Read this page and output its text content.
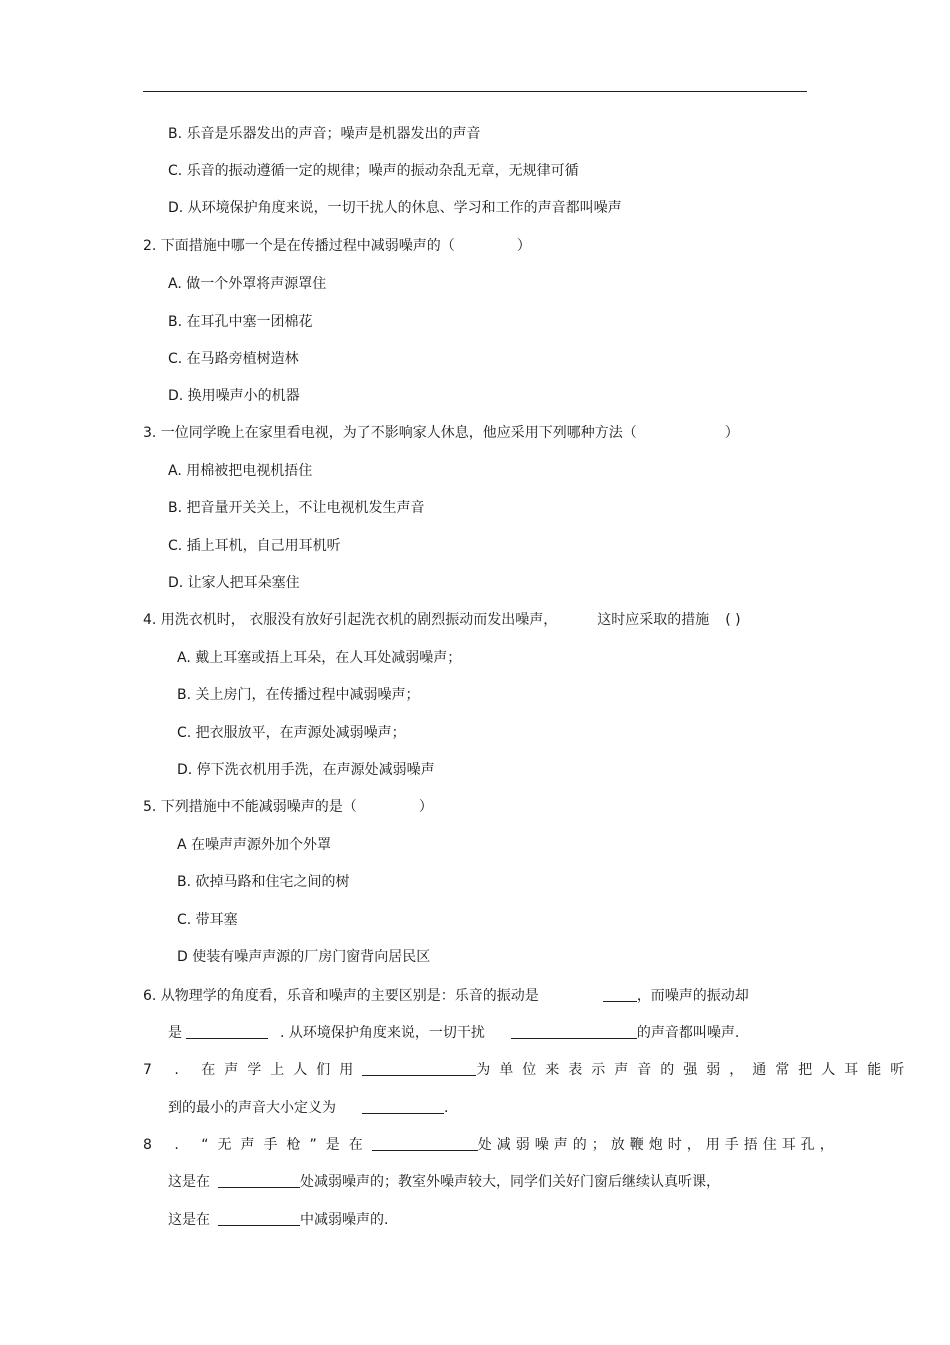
B. 乐音是乐器发出的声音；噪声是机器发出的声音
C. 乐音的振动遵循一定的规律；噪声的振动杂乱无章，无规律可循
D. 从环境保护角度来说，一切干扰人的休息、学习和工作的声音都叫噪声
2. 下面措施中哪一个是在传播过程中减弱噪声的（	）
A. 做一个外罩将声源罩住
B. 在耳孔中塞一团棉花
C. 在马路旁植树造林
D. 换用噪声小的机器
3. 一位同学晚上在家里看电视，为了不影响家人休息，他应采用下列哪种方法（	）
A. 用棉被把电视机捂住
B. 把音量开关关上，不让电视机发生声音
C. 插上耳机，自己用耳机听
D. 让家人把耳朵塞住
4. 用洗衣机时， 衣服没有放好引起洗衣机的剧烈振动而发出噪声，	这时应采取的措施 ( )
A. 戴上耳塞或捂上耳朵，在人耳处减弱噪声；
B. 关上房门，在传播过程中减弱噪声；
C. 把衣服放平，在声源处减弱噪声；
D. 停下洗衣机用手洗，在声源处减弱噪声
5. 下列措施中不能减弱噪声的是（	）
A 在噪声声源外加个外罩
B. 砍掉马路和住宅之间的树
C. 带耳塞
D 使装有噪声声源的厂房门窗背向居民区
6. 从物理学的角度看，乐音和噪声的主要区别是：乐音的振动是	，而噪声的振动却
是	. 从环境保护角度来说，一切干扰	的声音都叫噪声.
7 . 在声学上人们用	为单位来表示声音的强弱，通常把人耳能听
到的最小的声音大小定义为	.
8 . “无声手枪”是在	处减弱噪声的；放鞭炮时，用手捂住耳孔，
这是在	处减弱噪声的；教室外噪声较大，同学们关好门窗后继续认真听课，
这是在	中减弱噪声的.
